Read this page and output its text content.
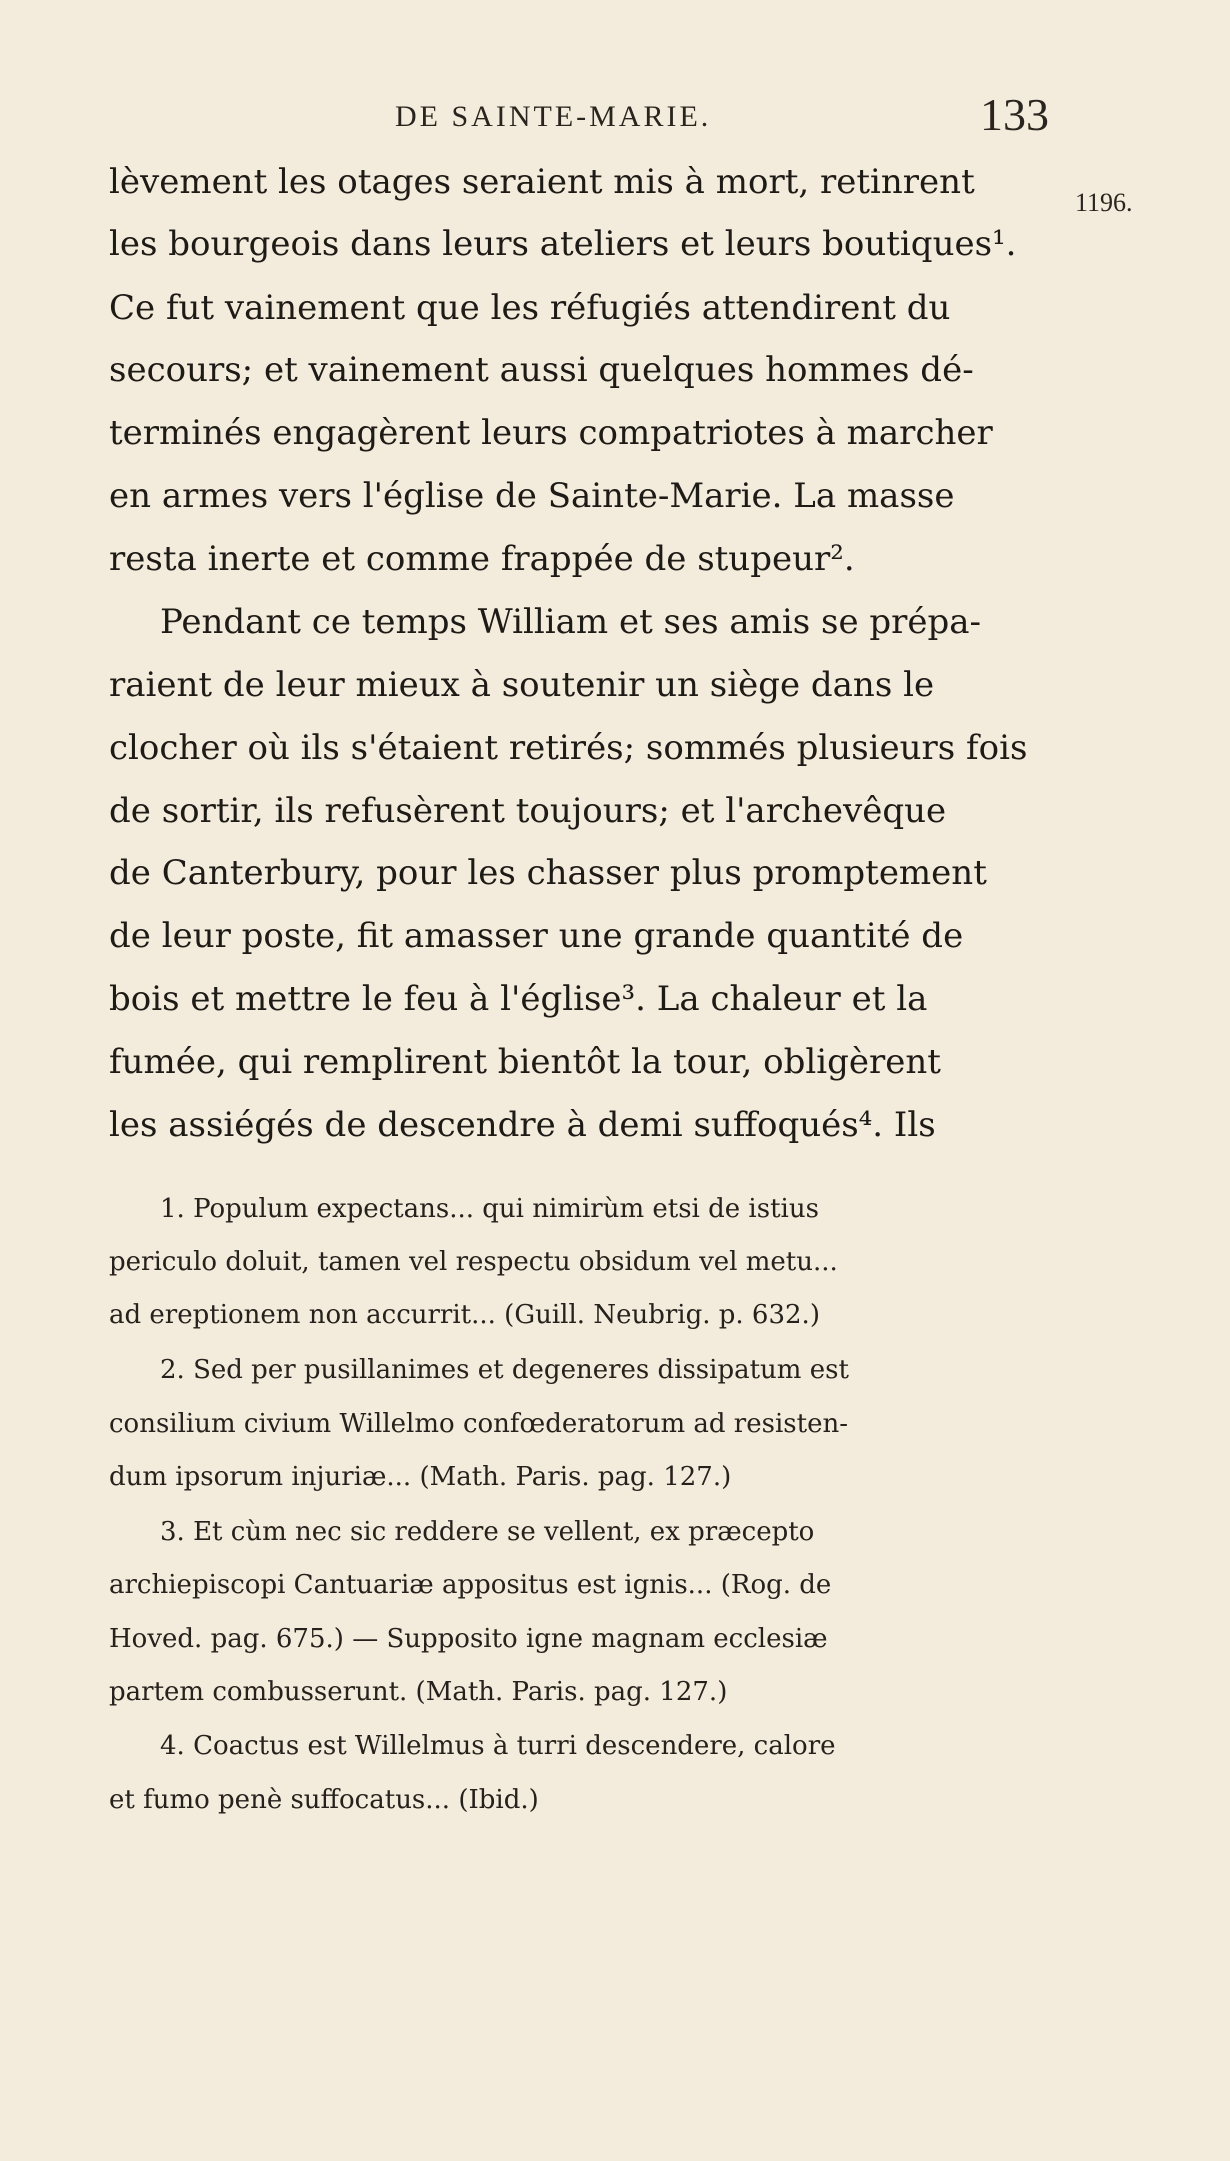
DE SAINTE-MARIE.	133
1196.
lèvement les otages seraient mis à mort, retinrent
les bourgeois dans leurs ateliers et leurs boutiques¹.
Ce fut vainement que les réfugiés attendirent du
secours; et vainement aussi quelques hommes dé-
terminés engagèrent leurs compatriotes à marcher
en armes vers l'église de Sainte-Marie. La masse
resta inerte et comme frappée de stupeur².
Pendant ce temps William et ses amis se prépa-
raient de leur mieux à soutenir un siège dans le
clocher où ils s'étaient retirés; sommés plusieurs fois
de sortir, ils refusèrent toujours; et l'archevêque
de Canterbury, pour les chasser plus promptement
de leur poste, fit amasser une grande quantité de
bois et mettre le feu à l'église³. La chaleur et la
fumée, qui remplirent bientôt la tour, obligèrent
les assiégés de descendre à demi suffoqués⁴. Ils
1. Populum expectans... qui nimirùm etsi de istius
periculo doluit, tamen vel respectu obsidum vel metu...
ad ereptionem non accurrit... (Guill. Neubrig. p. 632.)
2. Sed per pusillanimes et degeneres dissipatum est
consilium civium Willelmo confœderatorum ad resisten-
dum ipsorum injuriæ... (Math. Paris. pag. 127.)
3. Et cùm nec sic reddere se vellent, ex præcepto
archiepiscopi Cantuariæ appositus est ignis... (Rog. de
Hoved. pag. 675.) — Supposito igne magnam ecclesiæ
partem combusserunt. (Math. Paris. pag. 127.)
4. Coactus est Willelmus à turri descendere, calore
et fumo penè suffocatus... (Ibid.)
